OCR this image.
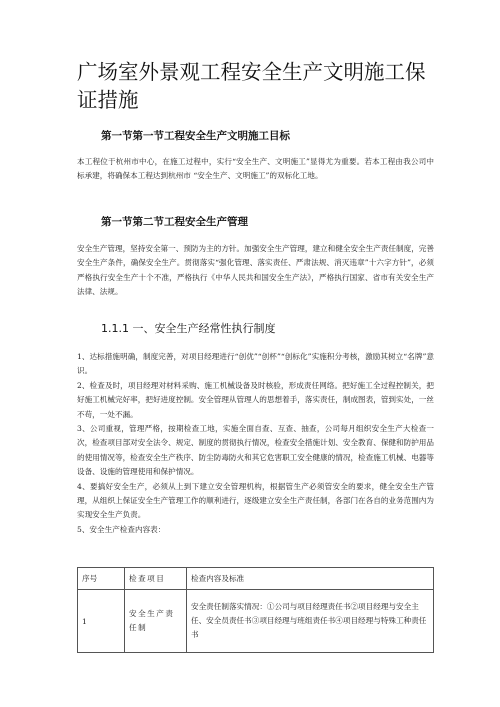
广场室外景观工程安全生产文明施工保证措施
第一节第一节工程安全生产文明施工目标

本工程位于杭州市中心，在施工过程中，实行“安全生产、文明施工”显得尤为重要。若本工程由我公司中标承建，将确保本工程达到杭州市 “安全生产、文明施工”的双标化工地。

第一节第二节工程安全生产管理

安全生产管理，坚持安全第一、预防为主的方针。加强安全生产管理，建立和健全安全生产责任制度，完善安全生产条件，确保安全生产。贯彻落实“强化管理、落实责任、严肃法规、消灭违章”十六字方针”，必须严格执行安全生产十个不准，严格执行《中华人民共和国安全生产法》，严格执行国家、省市有关安全生产法律、法规。

1.1.1 一、安全生产经常性执行制度

1、达标措施明确，制度完善，对项目经理进行“创优”“创杯”“创标化”实施积分考核，激励其树立“名牌”意识。

2、检查及时，项目经理对材料采购、施工机械设备及时核验，形成责任网络。把好施工全过程控制关，把好施工机械完好率，把好进度控制。安全管理从管理人的思想着手，落实责任，制成图表，管到实处，一丝不苟，一处不漏。

3、公司重视，管理严格，按期检查工地，实施全面自查、互查、抽查，公司每月组织安全生产大检查一次，检查项目部对安全法令、规定、制度的贯彻执行情况，检查安全措施计划、安全教育、保健和防护用品的使用情况等，检查安全生产秩序、防尘防毒防火和其它危害职工安全健康的情况，检查施工机械、电器等设备、设施的管理使用和保护情况。

4、要搞好安全生产，必须从上到下建立安全管理机构，根据管生产必须管安全的要求，健全安全生产管理，从组织上保证安全生产管理工作的顺利进行，逐级建立安全生产责任制，各部门在各自的业务范围内为实现安全生产负责。

5、安全生产检查内容表：

序号	检查项目	检查内容及标准
1	安全生产责任制	安全责任制落实情况：①公司与项目经理责任书②项目经理与安全主任、安全员责任书③项目经理与班组责任书④项目经理与特殊工种责任书
